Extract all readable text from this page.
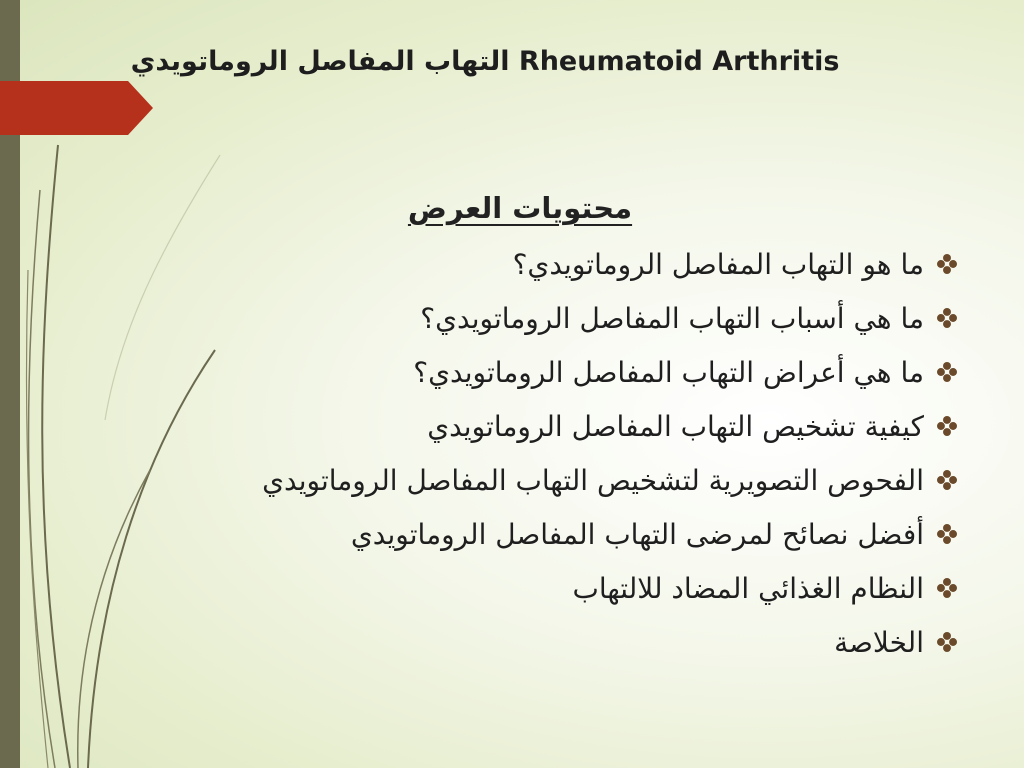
التهاب المفاصل الروماتويدي Rheumatoid Arthritis
محتويات العرض
ما هو التهاب المفاصل الروماتويدي؟
ما هي أسباب التهاب المفاصل الروماتويدي؟
ما هي أعراض التهاب المفاصل الروماتويدي؟
كيفية تشخيص التهاب المفاصل الروماتويدي
الفحوص التصويرية لتشخيص التهاب المفاصل الروماتويدي
أفضل نصائح لمرضى التهاب المفاصل الروماتويدي
النظام الغذائي المضاد للالتهاب
الخلاصة
